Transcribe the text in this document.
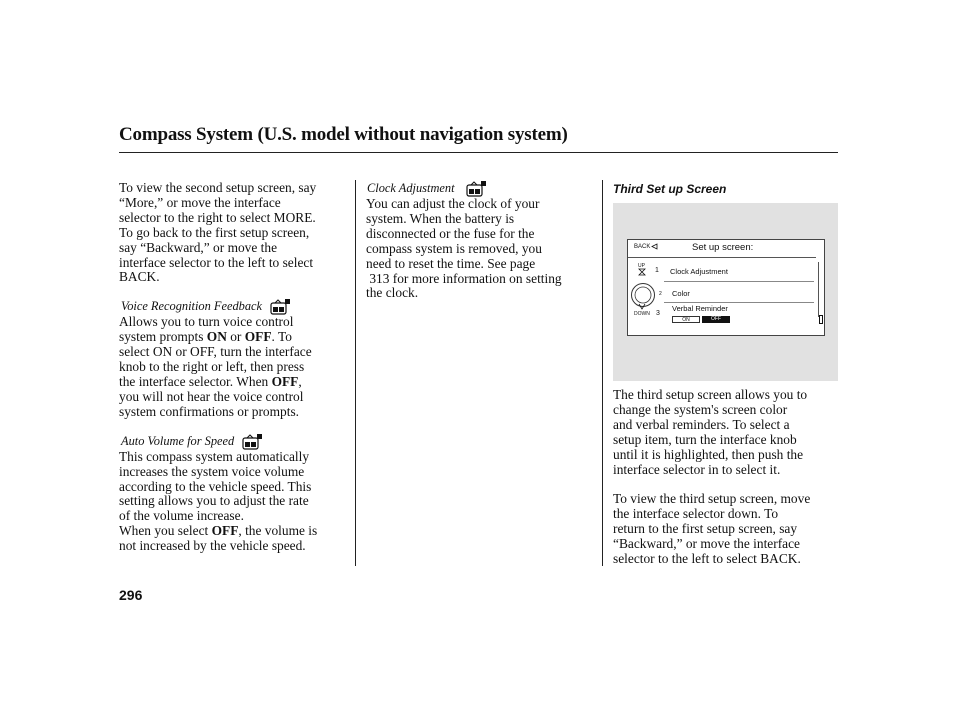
Compass System (U.S. model without navigation system)

To view the second setup screen, say

“More,” or move the interface

selector to the right to select MORE.

To go back to the first setup screen,

say “Backward,” or move the

interface selector to the left to select

BACK.

Voice Recognition Feedback

Allows you to turn voice control

system prompts ON or OFF. To

select ON or OFF, turn the interface

knob to the right or left, then press

the interface selector. When OFF,

you will not hear the voice control

system confirmations or prompts.

Auto Volume for Speed

This compass system automatically

increases the system voice volume

according to the vehicle speed. This

setting allows you to adjust the rate

of the volume increase.

When you select OFF, the volume is

not increased by the vehicle speed.

Clock Adjustment

You can adjust the clock of your

system. When the battery is

disconnected or the fuse for the

compass system is removed, you

need to reset the time. See page

313 for more information on setting

the clock.

Third Set up Screen
BACK	Set up screen:
UP
1 Clock Adjustment
2 Color
DOWN 3
Verbal Reminder
ON	OFF

The third setup screen allows you to

change the system's screen color

and verbal reminders. To select a

setup item, turn the interface knob

until it is highlighted, then push the

interface selector in to select it.

To view the third setup screen, move

the interface selector down. To

return to the first setup screen, say

“Backward,” or move the interface

selector to the left to select BACK.

296
